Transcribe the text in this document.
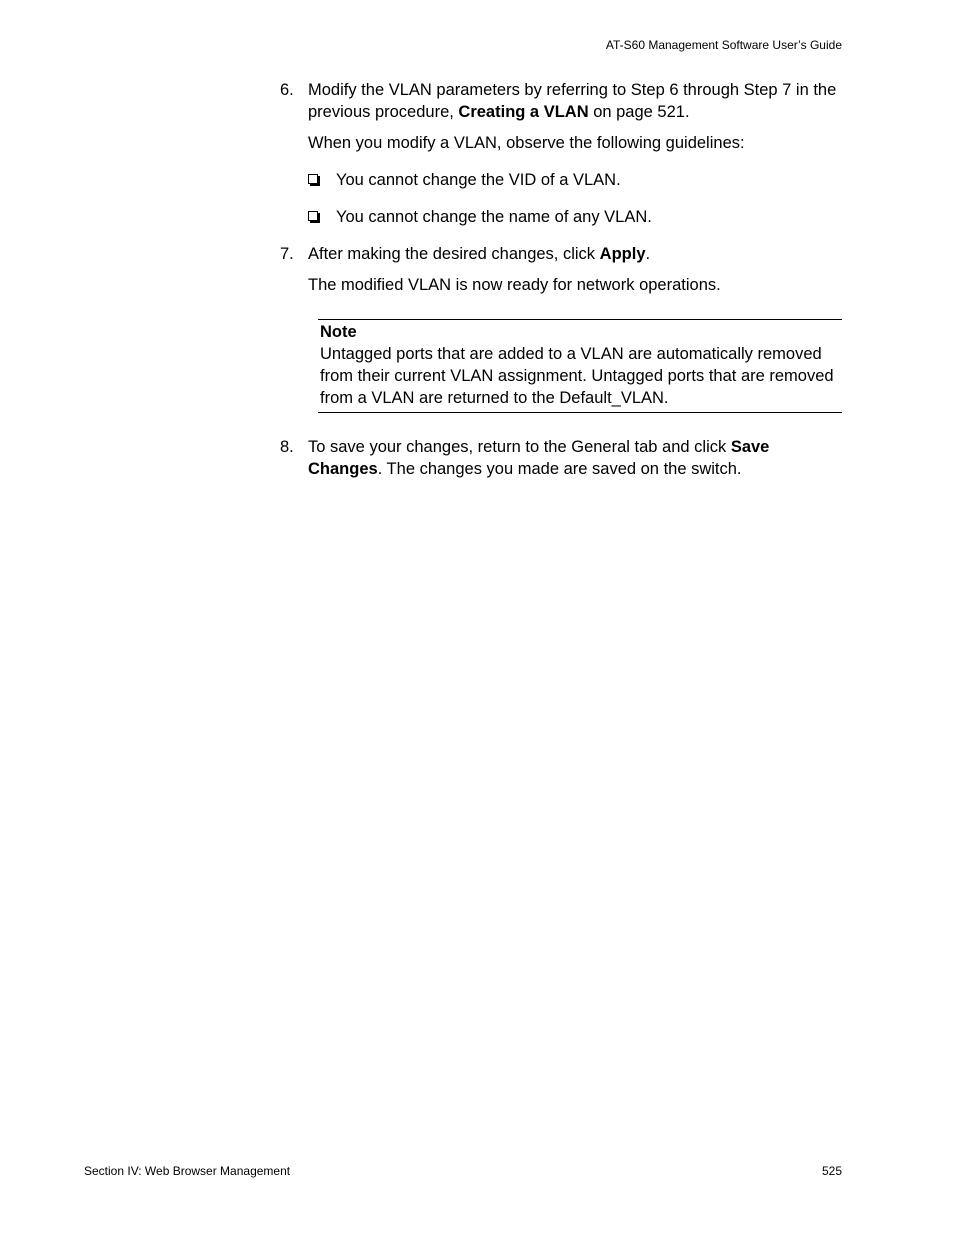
AT-S60 Management Software User’s Guide
6. Modify the VLAN parameters by referring to Step 6 through Step 7 in the previous procedure, Creating a VLAN on page 521.
When you modify a VLAN, observe the following guidelines:
You cannot change the VID of a VLAN.
You cannot change the name of any VLAN.
7. After making the desired changes, click Apply.
The modified VLAN is now ready for network operations.
Note
Untagged ports that are added to a VLAN are automatically removed from their current VLAN assignment. Untagged ports that are removed from a VLAN are returned to the Default_VLAN.
8. To save your changes, return to the General tab and click Save Changes. The changes you made are saved on the switch.
Section IV: Web Browser Management	525
